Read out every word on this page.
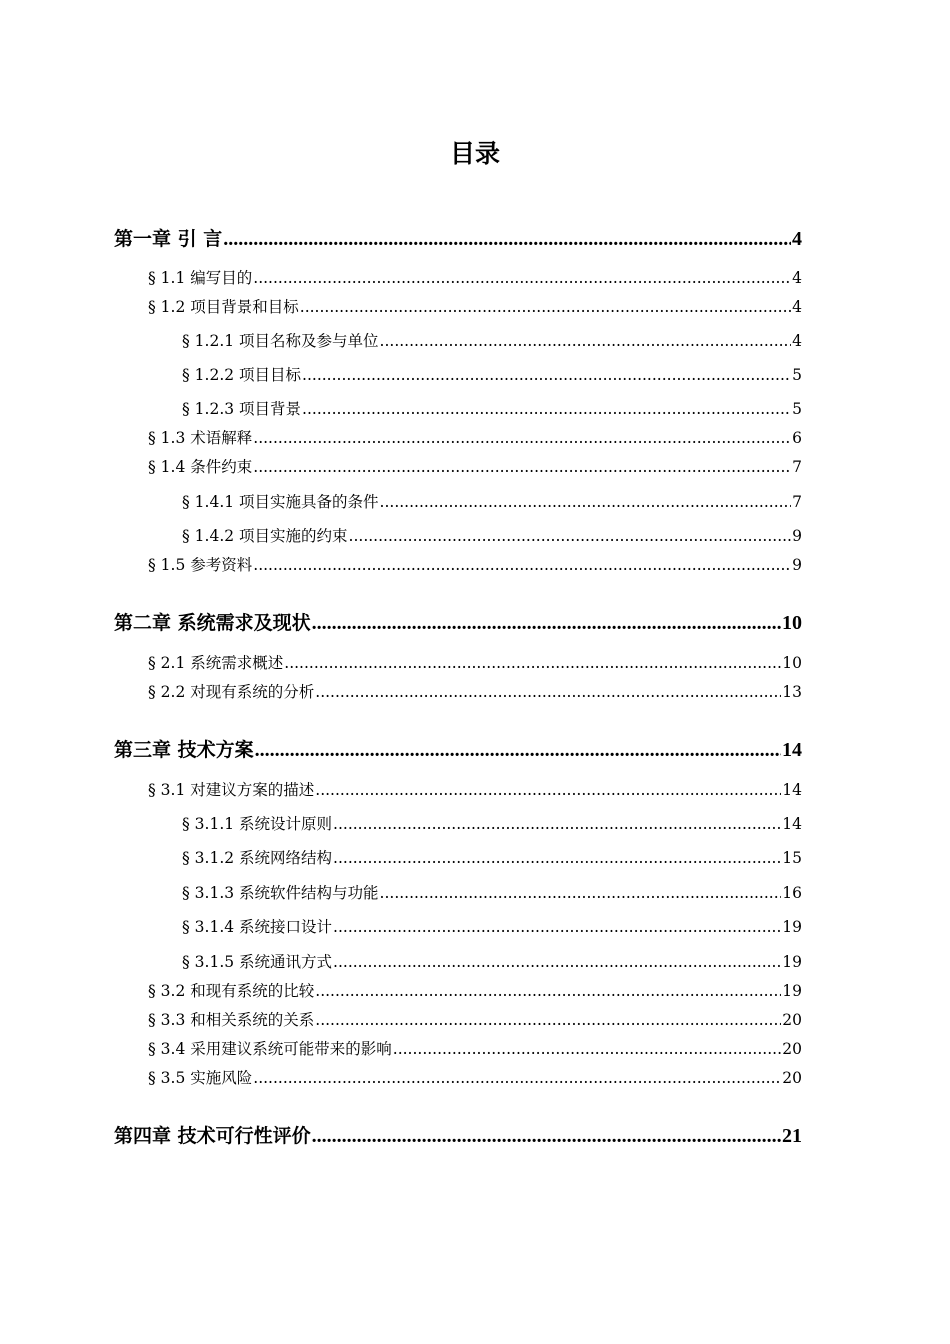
目录
第一章 引 言 .....	4
§ 1.1 编写目的 .....	4
§ 1.2 项目背景和目标 .....	4
§ 1.2.1 项目名称及参与单位 .....	4
§ 1.2.2 项目目标 .....	5
§ 1.2.3 项目背景 .....	5
§ 1.3 术语解释 .....	6
§ 1.4 条件约束 .....	7
§ 1.4.1 项目实施具备的条件 .....	7
§ 1.4.2 项目实施的约束 .....	9
§ 1.5 参考资料 .....	9
第二章 系统需求及现状 .....	10
§ 2.1 系统需求概述 .....	10
§ 2.2 对现有系统的分析 .....	13
第三章 技术方案 .....	14
§ 3.1 对建议方案的描述 .....	14
§ 3.1.1 系统设计原则 .....	14
§ 3.1.2 系统网络结构 .....	15
§ 3.1.3 系统软件结构与功能 .....	16
§ 3.1.4 系统接口设计 .....	19
§ 3.1.5 系统通讯方式 .....	19
§ 3.2 和现有系统的比较 .....	19
§ 3.3 和相关系统的关系 .....	20
§ 3.4 采用建议系统可能带来的影响 .....	20
§ 3.5 实施风险 .....	20
第四章 技术可行性评价 .....	21
